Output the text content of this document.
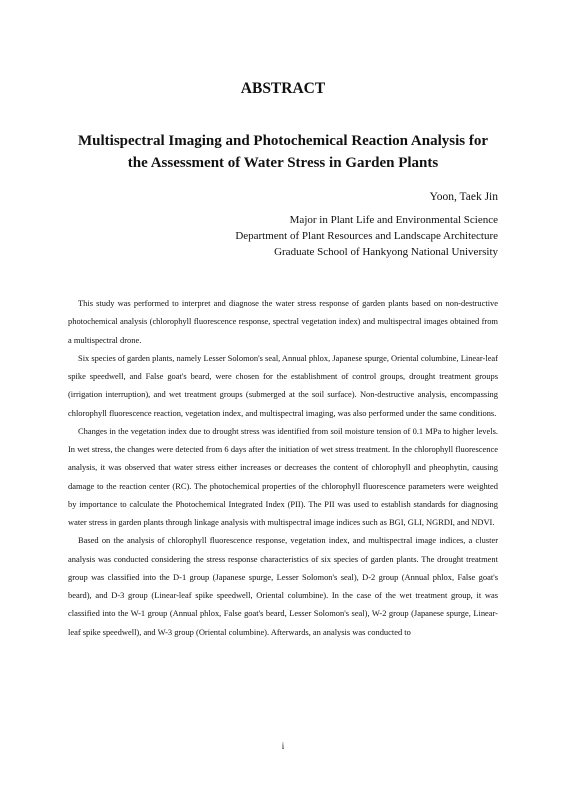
ABSTRACT
Multispectral Imaging and Photochemical Reaction Analysis for
the Assessment of Water Stress in Garden Plants

Yoon, Taek Jin

Major in Plant Life and Environmental Science
Department of Plant Resources and Landscape Architecture
Graduate School of Hankyong National University

This study was performed to interpret and diagnose the water stress response of garden plants based on non-destructive photochemical analysis (chlorophyll fluorescence response, spectral vegetation index) and multispectral images obtained from a multispectral drone.

Six species of garden plants, namely Lesser Solomon's seal, Annual phlox, Japanese spurge, Oriental columbine, Linear-leaf spike speedwell, and False goat's beard, were chosen for the establishment of control groups, drought treatment groups (irrigation interruption), and wet treatment groups (submerged at the soil surface). Non-destructive analysis, encompassing chlorophyll fluorescence reaction, vegetation index, and multispectral imaging, was also performed under the same conditions.

Changes in the vegetation index due to drought stress was identified from soil moisture tension of 0.1 MPa to higher levels. In wet stress, the changes were detected from 6 days after the initiation of wet stress treatment. In the chlorophyll fluorescence analysis, it was observed that water stress either increases or decreases the content of chlorophyll and pheophytin, causing damage to the reaction center (RC). The photochemical properties of the chlorophyll fluorescence parameters were weighted by importance to calculate the Photochemical Integrated Index (PII). The PII was used to establish standards for diagnosing water stress in garden plants through linkage analysis with multispectral image indices such as BGI, GLI, NGRDI, and NDVI.

Based on the analysis of chlorophyll fluorescence response, vegetation index, and multispectral image indices, a cluster analysis was conducted considering the stress response characteristics of six species of garden plants. The drought treatment group was classified into the D-1 group (Japanese spurge, Lesser Solomon's seal), D-2 group (Annual phlox, False goat's beard), and D-3 group (Linear-leaf spike speedwell, Oriental columbine). In the case of the wet treatment group, it was classified into the W-1 group (Annual phlox, False goat's beard, Lesser Solomon's seal), W-2 group (Japanese spurge, Linear-leaf spike speedwell), and W-3 group (Oriental columbine). Afterwards, an analysis was conducted to

i
